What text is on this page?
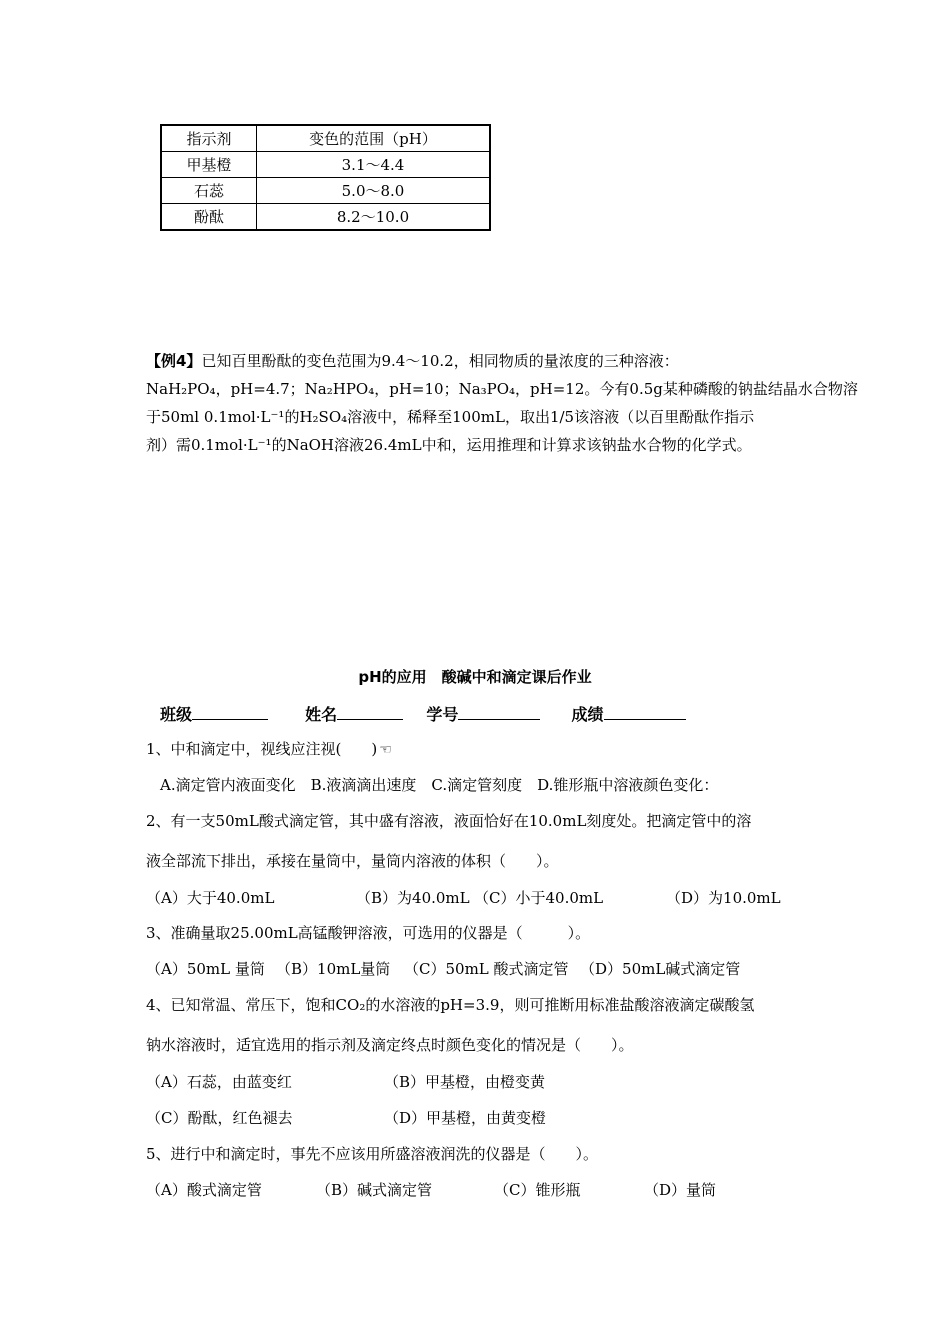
指示剂	变色的范围（pH）
甲基橙	3.1～4.4
石蕊	5.0～8.0
酚酞	8.2～10.0
【例4】已知百里酚酞的变色范围为9.4～10.2，相同物质的量浓度的三种溶液：
NaH₂PO₄，pH=4.7；Na₂HPO₄，pH=10；Na₃PO₄，pH=12。今有0.5g某种磷酸的钠盐结晶水合物溶
于50ml 0.1mol·L⁻¹的H₂SO₄溶液中，稀释至100mL，取出1/5该溶液（以百里酚酞作指示
剂）需0.1mol·L⁻¹的NaOH溶液26.4mL中和，运用推理和计算求该钠盐水合物的化学式。
pH的应用　酸碱中和滴定课后作业
班级	姓名	学号	成绩
1、中和滴定中，视线应注视(　　) ☜
A.滴定管内液面变化　B.液滴滴出速度　C.滴定管刻度　D.锥形瓶中溶液颜色变化：
2、有一支50mL酸式滴定管，其中盛有溶液，液面恰好在10.0mL刻度处。把滴定管中的溶
液全部流下排出，承接在量筒中，量筒内溶液的体积（　　）。
（A）大于40.0mL	（B）为40.0mL （C）小于40.0mL	（D）为10.0mL
3、准确量取25.00mL高锰酸钾溶液，可选用的仪器是（　　　）。
（A）50mL 量筒 （B）10mL量筒 （C）50mL 酸式滴定管 （D）50mL碱式滴定管
4、已知常温、常压下，饱和CO₂的水溶液的pH=3.9，则可推断用标准盐酸溶液滴定碳酸氢
钠水溶液时，适宜选用的指示剂及滴定终点时颜色变化的情况是（　　）。
（A）石蕊，由蓝变红	（B）甲基橙，由橙变黄
（C）酚酞，红色褪去	（D）甲基橙，由黄变橙
5、进行中和滴定时，事先不应该用所盛溶液润洗的仪器是（　　）。
（A）酸式滴定管	（B）碱式滴定管	（C）锥形瓶	（D）量筒
